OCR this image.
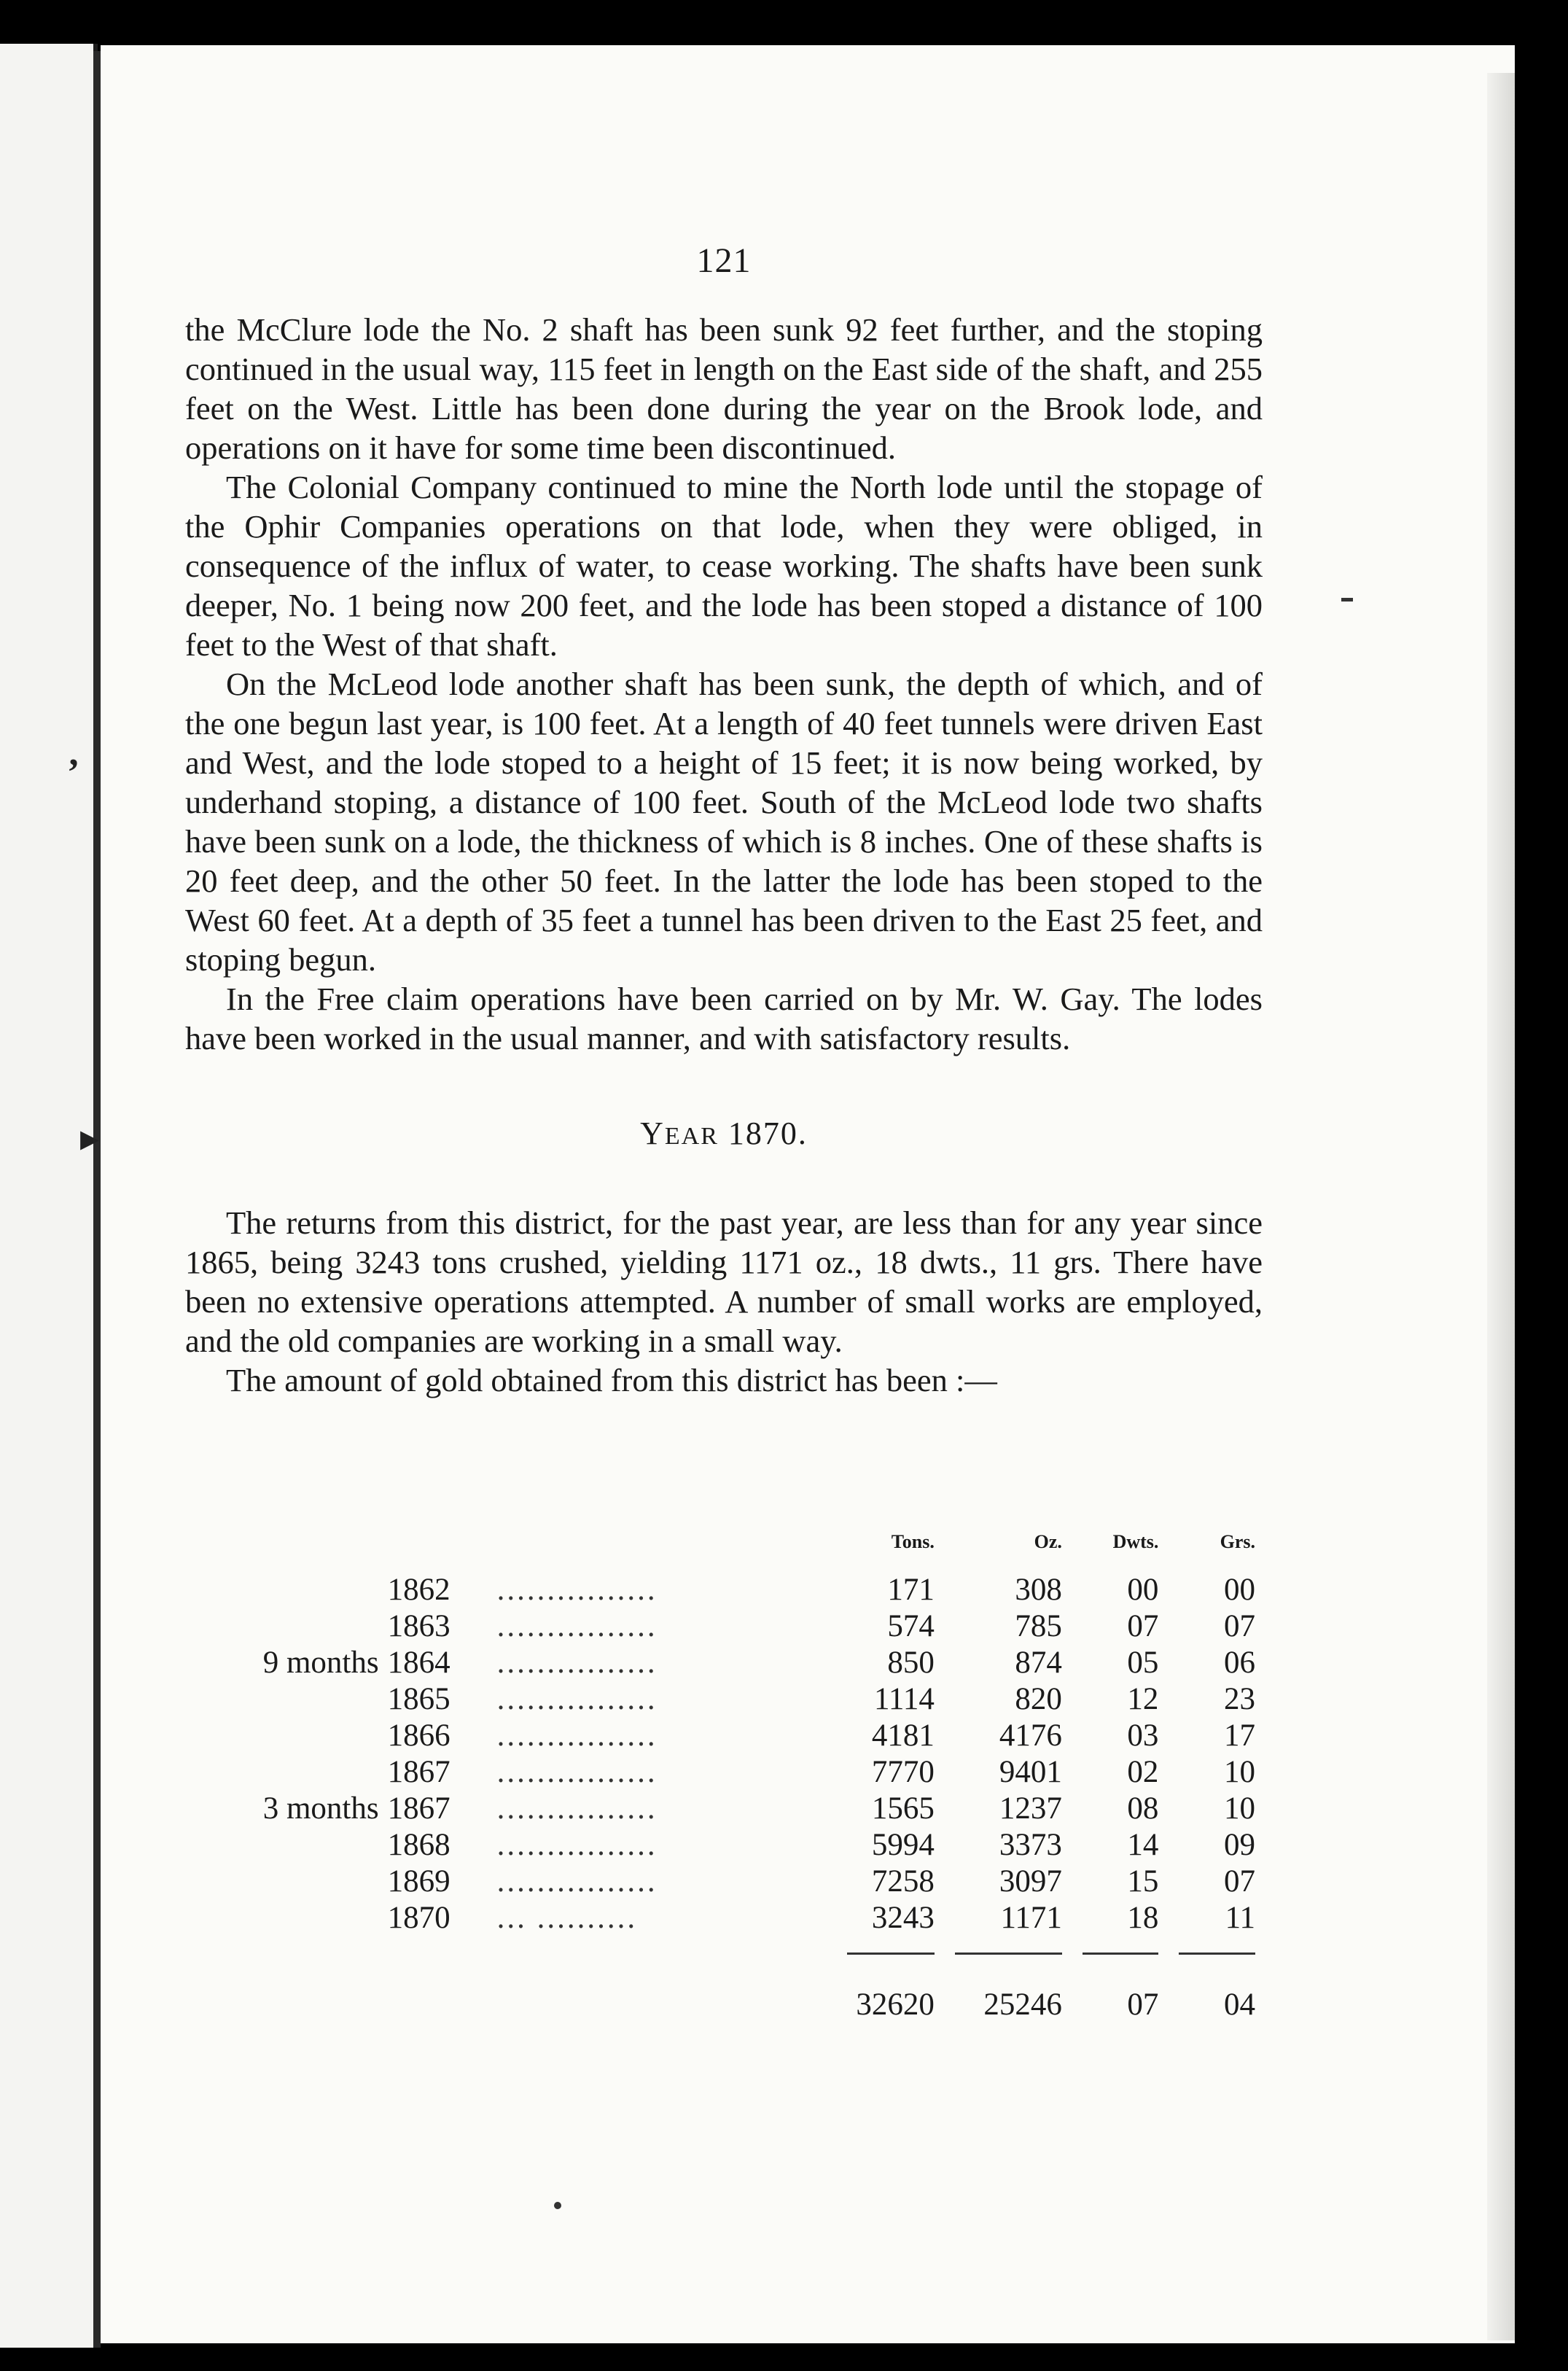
’
▸
121

the McClure lode the No. 2 shaft has been sunk 92 feet further, and the stoping continued in the usual way, 115 feet in length on the East side of the shaft, and 255 feet on the West. Little has been done during the year on the Brook lode, and operations on it have for some time been discontinued.

The Colonial Company continued to mine the North lode until the stopage of the Ophir Companies operations on that lode, when they were obliged, in consequence of the influx of water, to cease working. The shafts have been sunk deeper, No. 1 being now 200 feet, and the lode has been stoped a distance of 100 feet to the West of that shaft.

On the McLeod lode another shaft has been sunk, the depth of which, and of the one begun last year, is 100 feet. At a length of 40 feet tunnels were driven East and West, and the lode stoped to a height of 15 feet; it is now being worked, by underhand stoping, a distance of 100 feet. South of the McLeod lode two shafts have been sunk on a lode, the thickness of which is 8 inches. One of these shafts is 20 feet deep, and the other 50 feet. In the latter the lode has been stoped to the West 60 feet. At a depth of 35 feet a tunnel has been driven to the East 25 feet, and stoping begun.

In the Free claim operations have been carried on by Mr. W. Gay. The lodes have been worked in the usual manner, and with satisfactory results.

YEAR 1870.

The returns from this district, for the past year, are less than for any year since 1865, being 3243 tons crushed, yielding 1171 oz., 18 dwts., 11 grs. There have been no extensive operations attempted. A number of small works are employed, and the old companies are working in a small way.

The amount of gold obtained from this district has been :—

			Tons.	Oz.	Dwts.	Grs.
	1862	................	171	308	00	00
	1863	................	574	785	07	07
9 months	1864	................	850	874	05	06
	1865	................	1114	820	12	23
	1866	................	4181	4176	03	17
	1867	................	7770	9401	02	10
3 months	1867	................	1565	1237	08	10
	1868	................	5994	3373	14	09
	1869	................	7258	3097	15	07
	1870	... ..........	3243	1171	18	11

			32620	25246	07	04
